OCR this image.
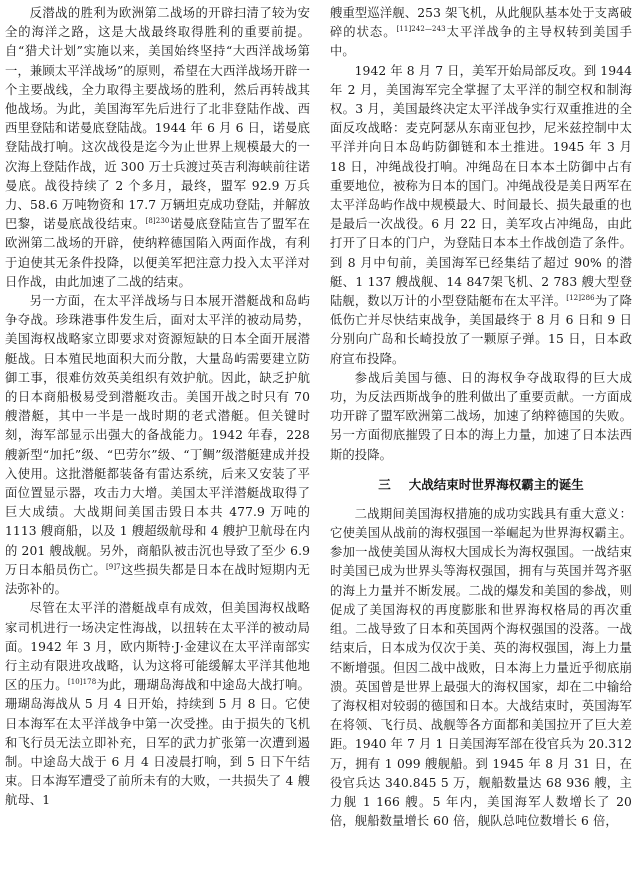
反潜战的胜利为欧洲第二战场的开辟扫清了较为安全的海洋之路，这是大战最终取得胜利的重要前提。自“猎犬计划”实施以来，美国始终坚持“大西洋战场第一，兼顾太平洋战场”的原则，希望在大西洋战场开辟一个主要战线，全力取得主要战场的胜利，然后再转战其他战场。为此，美国海军先后进行了北非登陆作战、西西里登陆和诺曼底登陆战。1944 年 6 月 6 日，诺曼底登陆战打响。这次战役是迄今为止世界上规模最大的一次海上登陆作战，近 300 万士兵渡过英吉利海峡前往诺曼底。战役持续了 2 个多月，最终，盟军 92.9 万兵力、58.6 万吨物资和 17.7 万辆坦克成功登陆，并解放巴黎，诺曼底战役结束。$^{[8]230}$诺曼底登陆宣告了盟军在欧洲第二战场的开辟，使纳粹德国陷入两面作战，有利于迫使其无条件投降，以便美军把注意力投入太平洋对日作战，由此加速了二战的结束。

另一方面，在太平洋战场与日本展开潜艇战和岛屿争夺战。珍珠港事件发生后，面对太平洋的被动局势，美国海权战略家立即要求对资源短缺的日本全面开展潜艇战。日本殖民地面积大而分散，大量岛屿需要建立防御工事，很难仿效英美组织有效护航。因此，缺乏护航的日本商船极易受到潜艇攻击。美国开战之时只有 70 艘潜艇，其中一半是一战时期的老式潜艇。但关键时刻，海军部显示出强大的备战能力。1942 年春，228 艘新型“加托”级、“巴劳尔”级、“丁鲷”级潜艇建成并投入使用。这批潜艇都装备有雷达系统，后来又安装了平面位置显示器，攻击力大增。美国太平洋潜艇战取得了巨大成绩。大战期间美国击毁日本共 477.9 万吨的 1113 艘商船，以及 1 艘超级航母和 4 艘护卫航母在内的 201 艘战舰。另外，商船队被击沉也导致了至少 6.9 万日本船员伤亡。$^{[9]7}$这些损失都是日本在战时短期内无法弥补的。

尽管在太平洋的潜艇战卓有成效，但美国海权战略家司机进行一场决定性海战，以扭转在太平洋的被动局面。1942 年 3 月，欧内斯特·J·金建议在太平洋南部实行主动有限进攻战略，认为这将可能缓解太平洋其他地区的压力。$^{[10]178}$为此，珊瑚岛海战和中途岛大战打响。珊瑚岛海战从 5 月 4 日开始，持续到 5 月 8 日。它使日本海军在太平洋战争中第一次受挫。由于损失的飞机和飞行员无法立即补充，日军的武力扩张第一次遭到遏制。中途岛大战于 6 月 4 日凌晨打响，到 5 日下午结束。日本海军遭受了前所未有的大败，一共损失了 4 艘航母、1

艘重型巡洋舰、253 架飞机，从此舰队基本处于支离破碎的状态。$^{[11]242—243}$太平洋战争的主导权转到美国手中。

1942 年 8 月 7 日，美军开始局部反攻。到 1944 年 2 月，美国海军完全掌握了太平洋的制空权和制海权。3 月，美国最终决定太平洋战争实行双重推进的全面反攻战略：麦克阿瑟从东南亚包抄，尼米兹控制中太平洋并向日本岛屿防御链和本土推进。1945 年 3 月 18 日，冲绳战役打响。冲绳岛在日本本土防御中占有重要地位，被称为日本的国门。冲绳战役是美日两军在太平洋岛屿作战中规模最大、时间最长、损失最重的也是最后一次战役。6 月 22 日，美军攻占冲绳岛，由此打开了日本的门户，为登陆日本本土作战创造了条件。到 8 月中旬前，美国海军已经集结了超过 90% 的潜艇、1 137 艘战舰、14 847架飞机、2 783 艘大型登陆舰，数以万计的小型登陆艇布在太平洋。$^{[12]286}$为了降低伤亡并尽快结束战争，美国最终于 8 月 6 日和 9 日分别向广岛和长崎投放了一颗原子弹。15 日，日本政府宣布投降。

参战后美国与德、日的海权争夺战取得的巨大成功，为反法西斯战争的胜利做出了重要贡献。一方面成功开辟了盟军欧洲第二战场，加速了纳粹德国的失败。另一方面彻底摧毁了日本的海上力量，加速了日本法西斯的投降。

三 大战结束时世界海权霸主的诞生

二战期间美国海权措施的成功实践具有重大意义：它使美国从战前的海权强国一举崛起为世界海权霸主。参加一战使美国从海权大国成长为海权强国。一战结束时美国已成为世界头等海权强国，拥有与英国并驾齐驱的海上力量并不断发展。二战的爆发和美国的参战，则促成了美国海权的再度膨胀和世界海权格局的再次重组。二战导致了日本和英国两个海权强国的没落。一战结束后，日本成为仅次于美、英的海权强国，海上力量不断增强。但因二战中战败，日本海上力量近乎彻底崩溃。英国曾是世界上最强大的海权国家，却在二中输给了海权相对较弱的德国和日本。大战结束时，英国海军在将领、飞行员、战舰等各方面都和美国拉开了巨大差距。1940 年 7 月 1 日美国海军部在役官兵为 20.312 万，拥有 1 099 艘舰船。到 1945 年 8 月 31 日，在役官兵达 340.845 5 万，舰船数量达 68 936 艘，主力舰 1 166 艘。5 年内，美国海军人数增长了 20 倍，舰船数量增长 60 倍，舰队总吨位数增长 6 倍，
